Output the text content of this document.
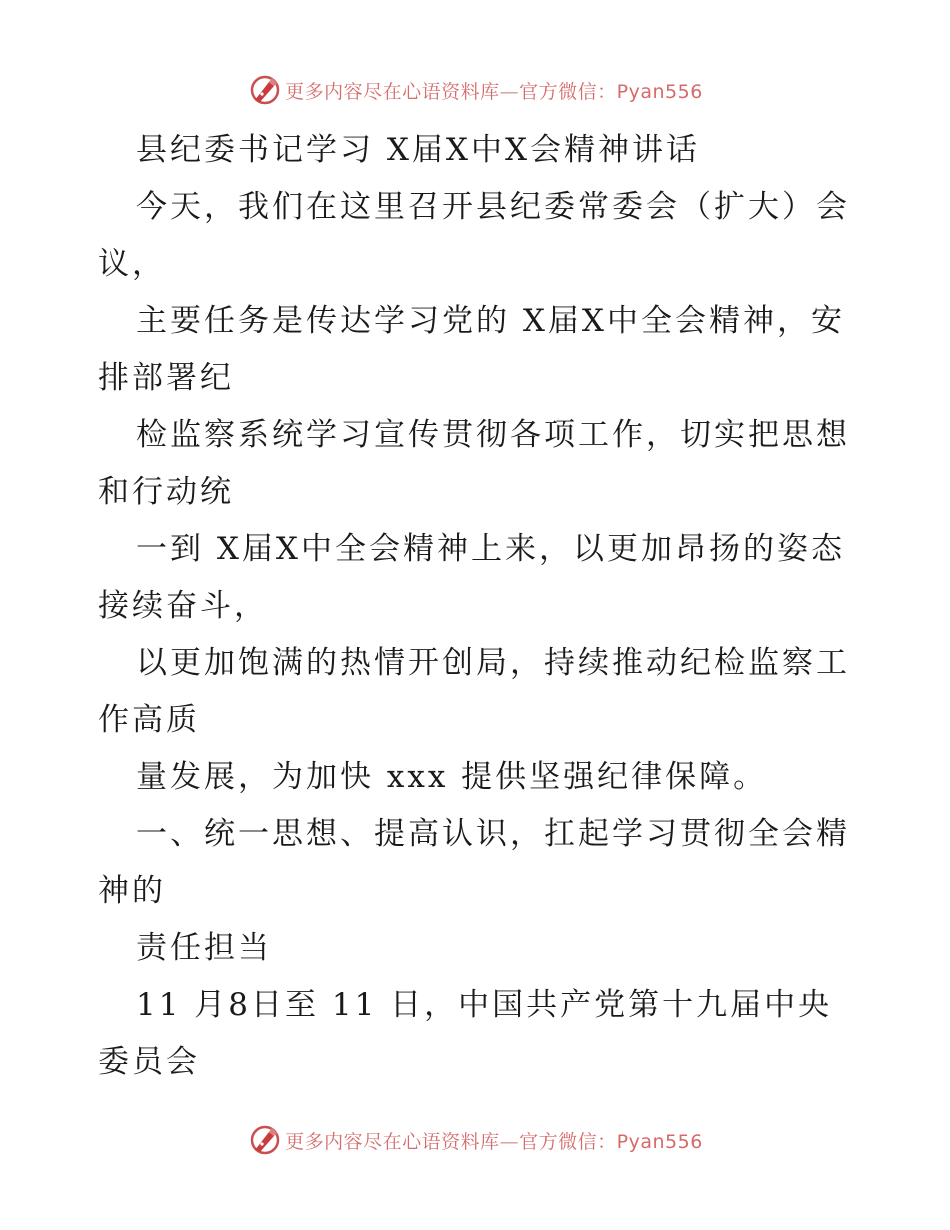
更多内容尽在心语资料库—官方微信：Pyan556

县纪委书记学习 X届X中X会精神讲话

今天，我们在这里召开县纪委常委会（扩大）会

议，

主要任务是传达学习党的 X届X中全会精神，安

排部署纪

检监察系统学习宣传贯彻各项工作，切实把思想

和行动统

一到 X届X中全会精神上来，以更加昂扬的姿态

接续奋斗，

以更加饱满的热情开创局，持续推动纪检监察工

作高质

量发展，为加快 xxx 提供坚强纪律保障。

一、统一思想、提高认识，扛起学习贯彻全会精

神的

责任担当

11 月8日至 11 日，中国共产党第十九届中央

委员会

更多内容尽在心语资料库—官方微信：Pyan556
